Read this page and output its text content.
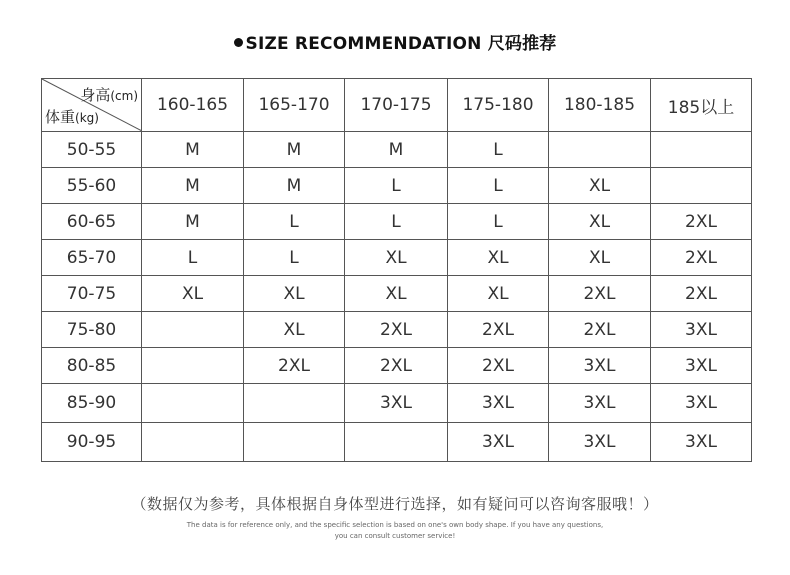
SIZE RECOMMENDATION 尺码推荐
身高(cm)
体重(kg)	160-165	165-170	170-175	175-180	180-185	185以上
50-55	M	M	M	L		
55-60	M	M	L	L	XL	
60-65	M	L	L	L	XL	2XL
65-70	L	L	XL	XL	XL	2XL
70-75	XL	XL	XL	XL	2XL	2XL
75-80		XL	2XL	2XL	2XL	3XL
80-85		2XL	2XL	2XL	3XL	3XL
85-90			3XL	3XL	3XL	3XL
90-95				3XL	3XL	3XL
（数据仅为参考，具体根据自身体型进行选择，如有疑问可以咨询客服哦！）
The data is for reference only, and the specific selection is based on one's own body shape. If you have any questions,
you can consult customer service!
